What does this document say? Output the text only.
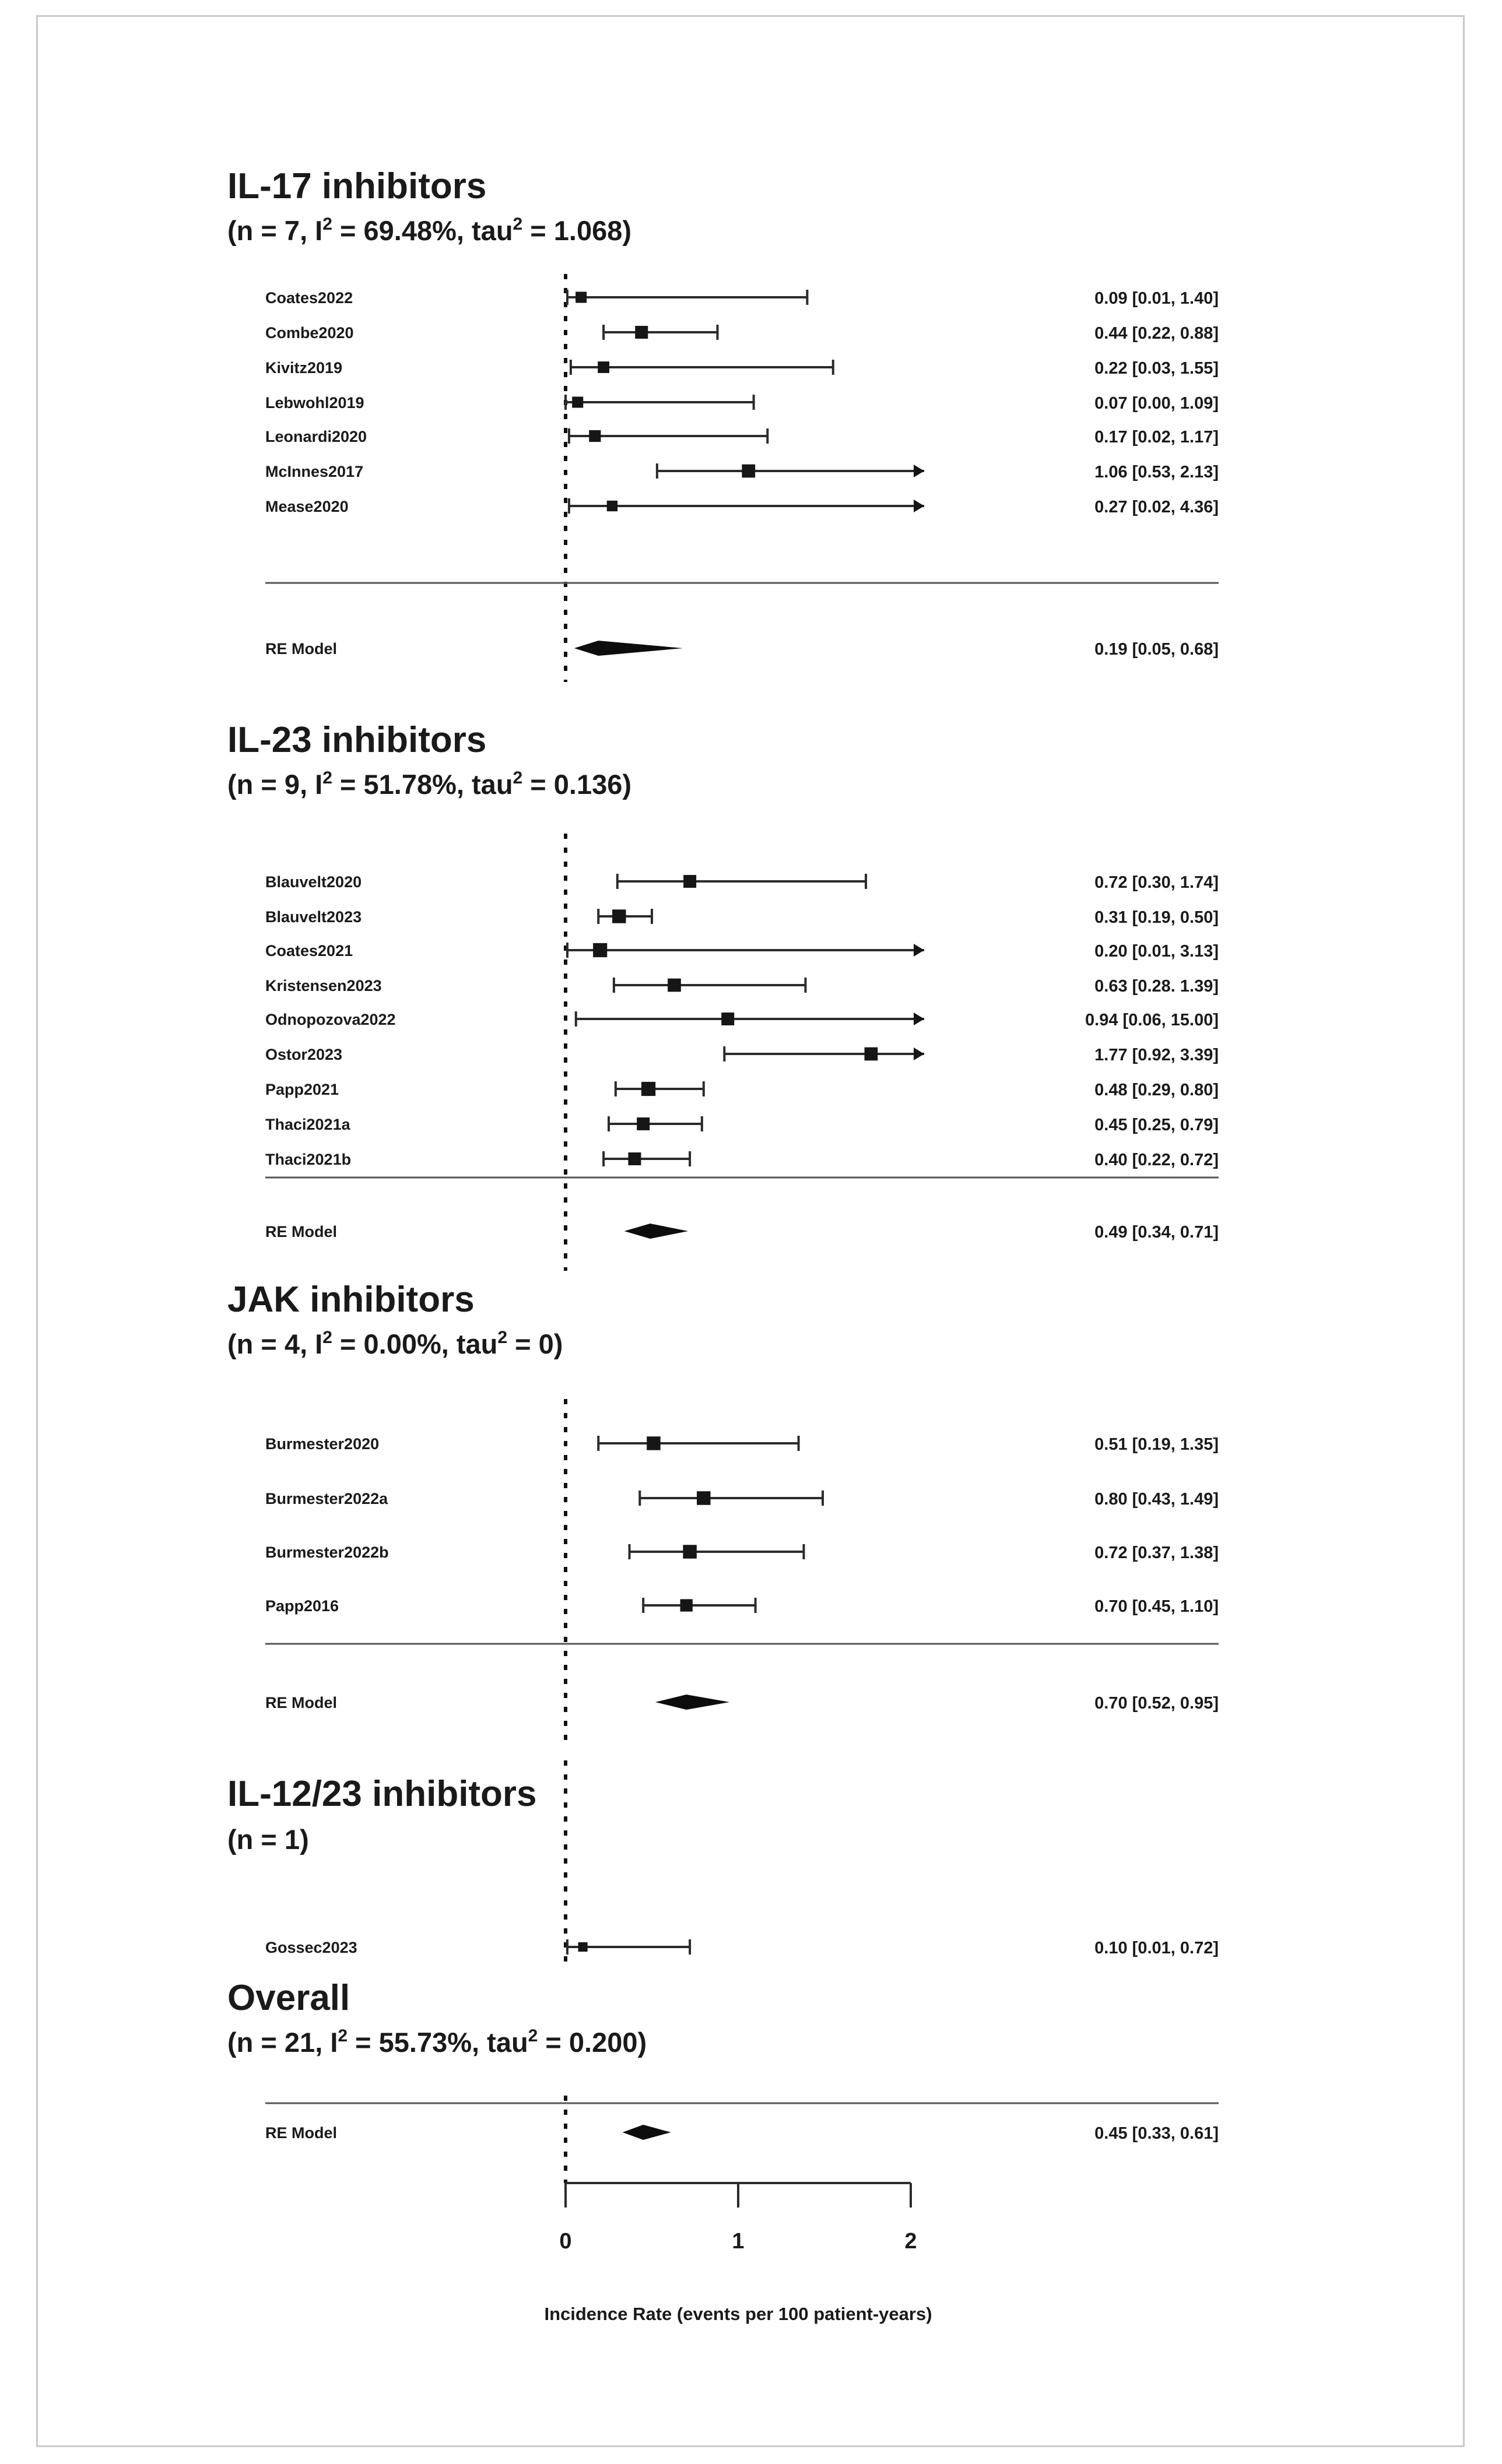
IL-17 inhibitors
(n = 7, $I^2 = 69.48\%$, tau$^2$ = 1.068)
Coates2022	0.09 [0.01, 1.40]
Combe2020	0.44 [0.22, 0.88]
Kivitz2019	0.22 [0.03, 1.55]
Lebwohl2019	0.07 [0.00, 1.09]
Leonardi2020	0.17 [0.02, 1.17]
McInnes2017	1.06 [0.53, 2.13]
Mease2020	0.27 [0.02, 4.36]
RE Model	0.19 [0.05, 0.68]
IL-23 inhibitors
(n = 9, $I^2 = 51.78\%$, tau$^2$ = 0.136)
Blauvelt2020	0.72 [0.30, 1.74]
Blauvelt2023	0.31 [0.19, 0.50]
Coates2021	0.20 [0.01, 3.13]
Kristensen2023	0.63 [0.28. 1.39]
Odnopozova2022	0.94 [0.06, 15.00]
Ostor2023	1.77 [0.92, 3.39]
Papp2021	0.48 [0.29, 0.80]
Thaci2021a	0.45 [0.25, 0.79]
Thaci2021b	0.40 [0.22, 0.72]
RE Model	0.49 [0.34, 0.71]
JAK inhibitors
(n = 4, $I^2 = 0.00\%$, tau$^2$ = 0)
Burmester2020	0.51 [0.19, 1.35]
Burmester2022a	0.80 [0.43, 1.49]
Burmester2022b	0.72 [0.37, 1.38]
Papp2016	0.70 [0.45, 1.10]
RE Model	0.70 [0.52, 0.95]
IL-12/23 inhibitors
(n = 1)
Gossec2023	0.10 [0.01, 0.72]
Overall
(n = 21, $I^2 = 55.73\%$, tau$^2$ = 0.200)
RE Model	0.45 [0.33, 0.61]
0	1	2
Incidence Rate (events per 100 patient-years)
